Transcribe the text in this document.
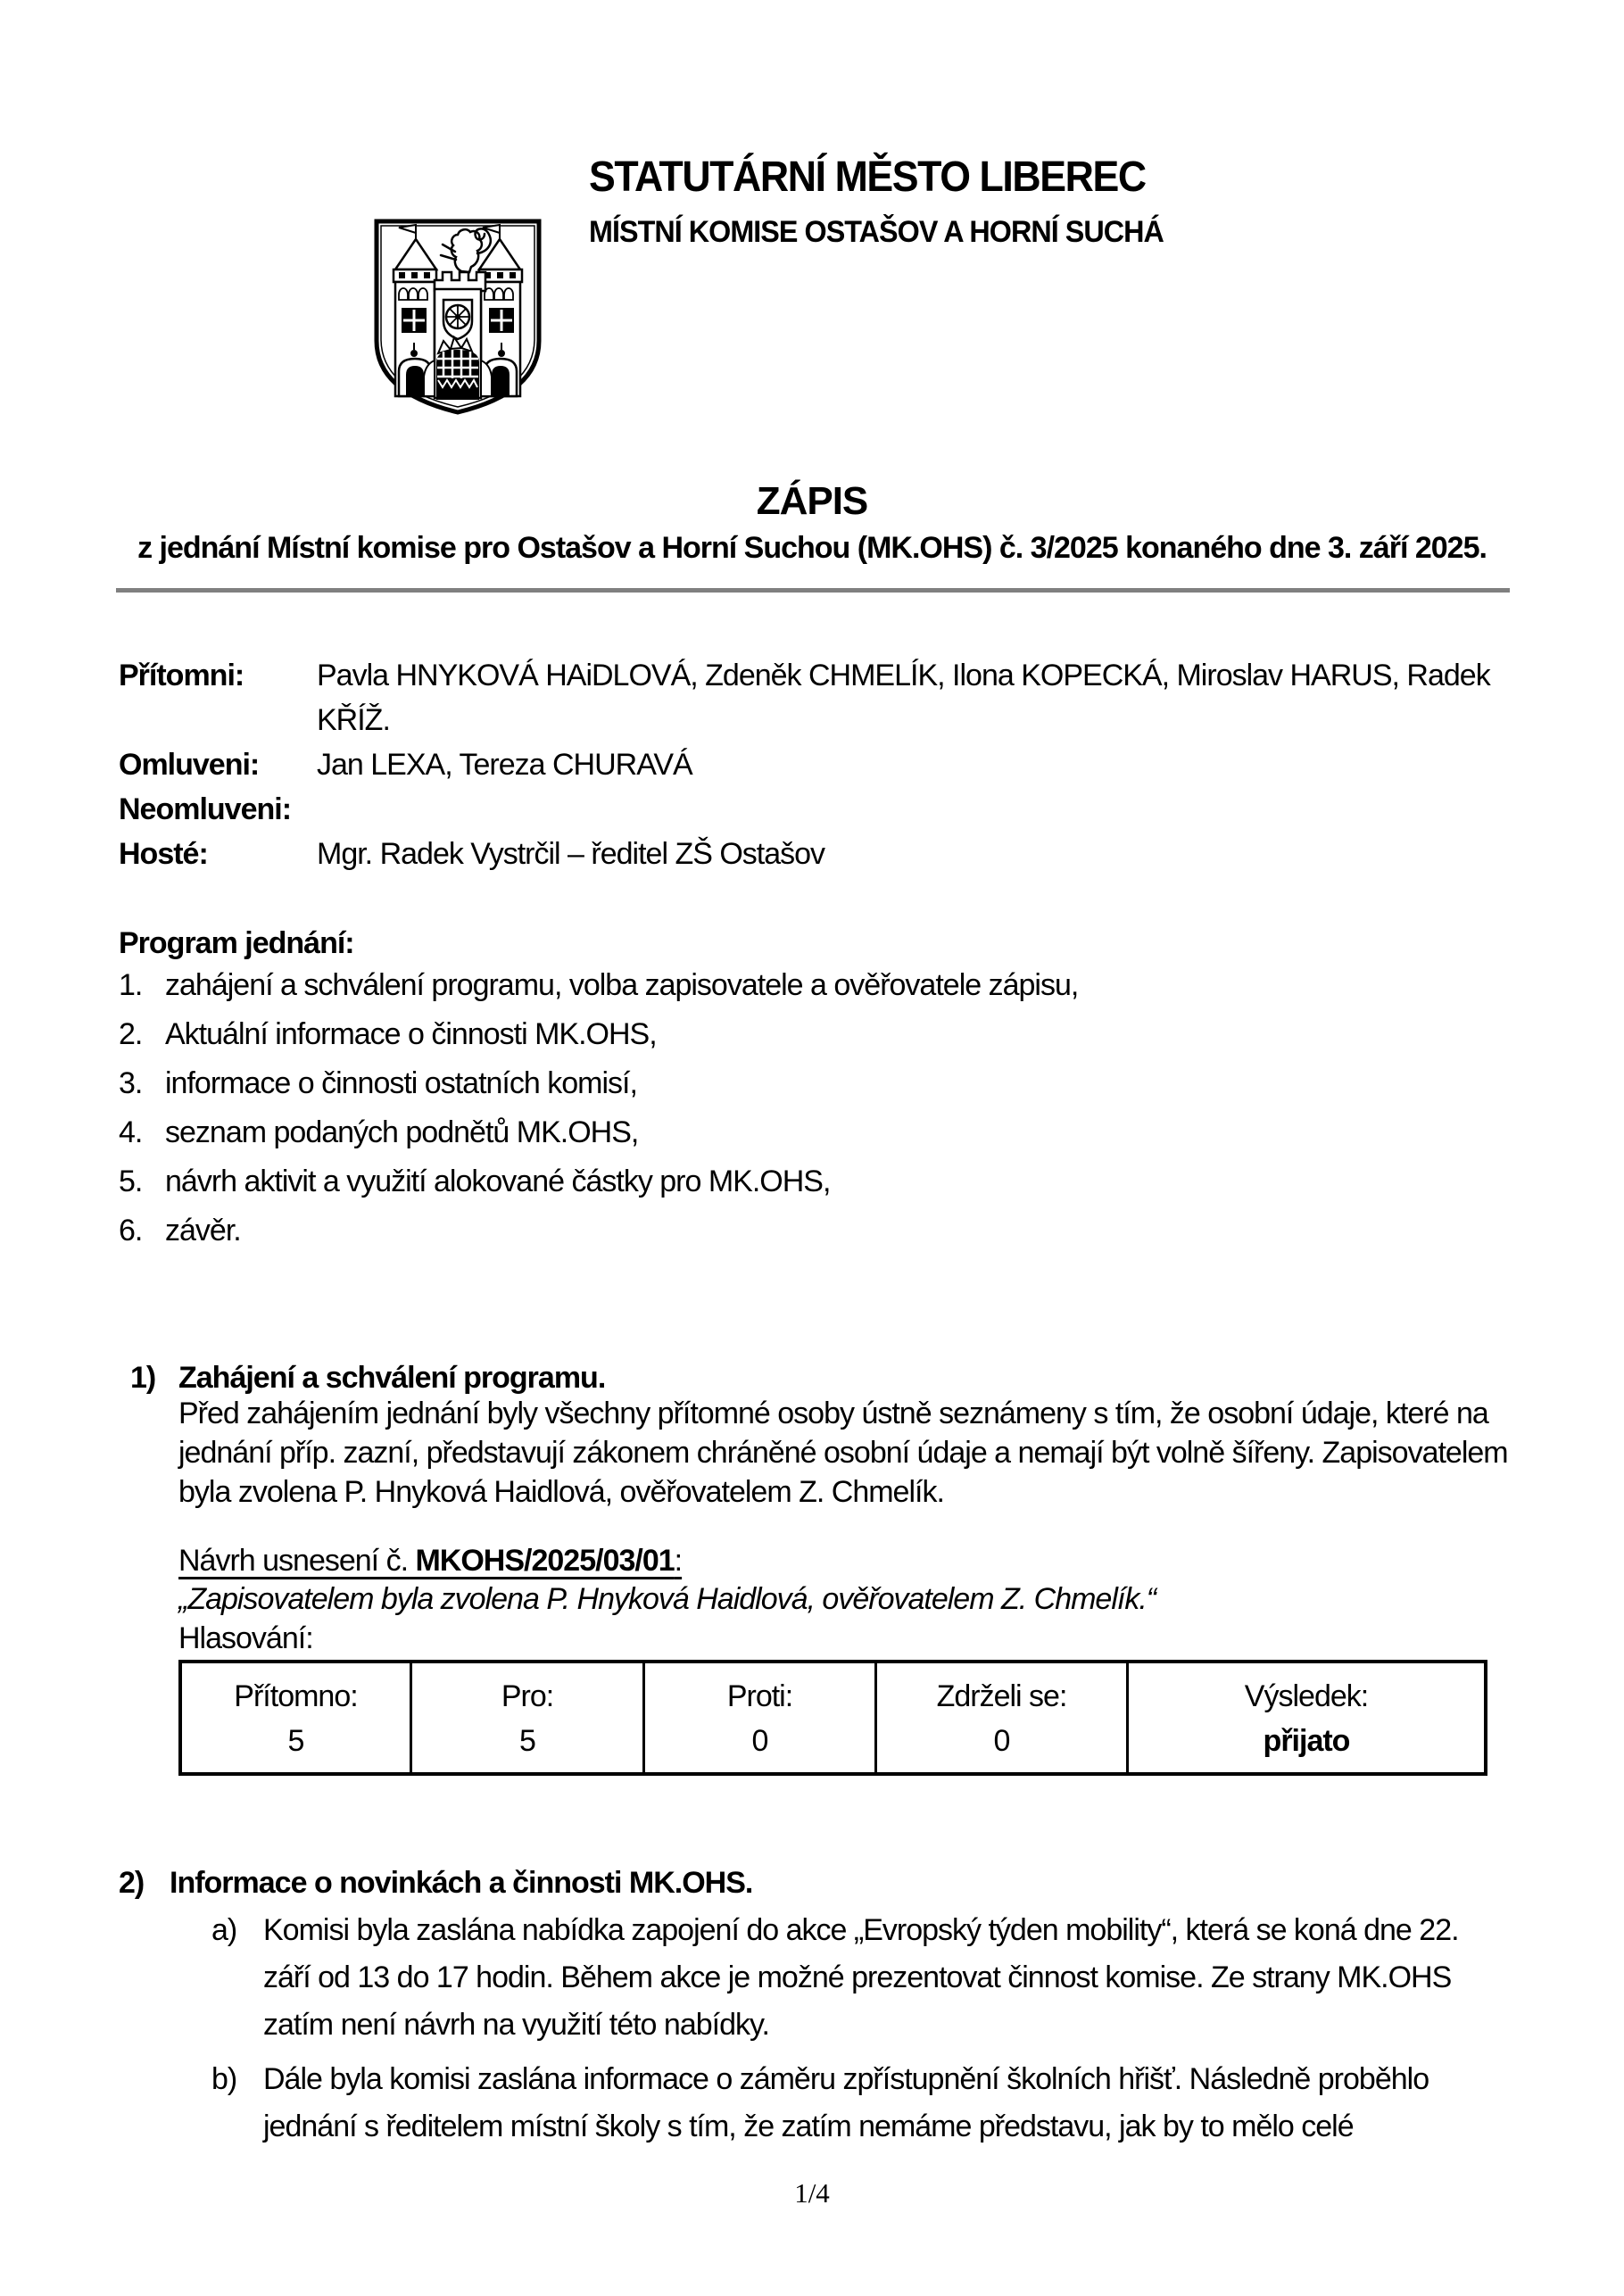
STATUTÁRNÍ MĚSTO LIBEREC
MÍSTNÍ KOMISE OSTAŠOV A HORNÍ SUCHÁ
ZÁPIS
z jednání Místní komise pro Ostašov a Horní Suchou (MK.OHS) č. 3/2025 konaného dne 3. září 2025.
Přítomni:	Pavla HNYKOVÁ HAiDLOVÁ, Zdeněk CHMELÍK, Ilona KOPECKÁ, Miroslav HARUS, Radek KŘÍŽ.
Omluveni:	Jan LEXA, Tereza CHURAVÁ
Neomluveni:
Hosté:	Mgr. Radek Vystrčil – ředitel ZŠ Ostašov
Program jednání:
1. zahájení a schválení programu, volba zapisovatele a ověřovatele zápisu,
2. Aktuální informace o činnosti MK.OHS,
3. informace o činnosti ostatních komisí,
4. seznam podaných podnětů MK.OHS,
5. návrh aktivit a využití alokované částky pro MK.OHS,
6. závěr.
1) Zahájení a schválení programu.
Před zahájením jednání byly všechny přítomné osoby ústně seznámeny s tím, že osobní údaje, které na jednání příp. zazní, představují zákonem chráněné osobní údaje a nemají být volně šířeny. Zapisovatelem byla zvolena P. Hnyková Haidlová, ověřovatelem Z. Chmelík.
Návrh usnesení č. MKOHS/2025/03/01:
„Zapisovatelem byla zvolena P. Hnyková Haidlová, ověřovatelem Z. Chmelík.“
Hlasování:
Přítomno:
5
Pro:
5
Proti:
0
Zdrželi se:
0
Výsledek:
přijato
2) Informace o novinkách a činnosti MK.OHS.
a) Komisi byla zaslána nabídka zapojení do akce „Evropský týden mobility“, která se koná dne 22. září od 13 do 17 hodin. Během akce je možné prezentovat činnost komise. Ze strany MK.OHS zatím není návrh na využití této nabídky.
b) Dále byla komisi zaslána informace o záměru zpřístupnění školních hřišť. Následně proběhlo jednání s ředitelem místní školy s tím, že zatím nemáme představu, jak by to mělo celé
1/4
